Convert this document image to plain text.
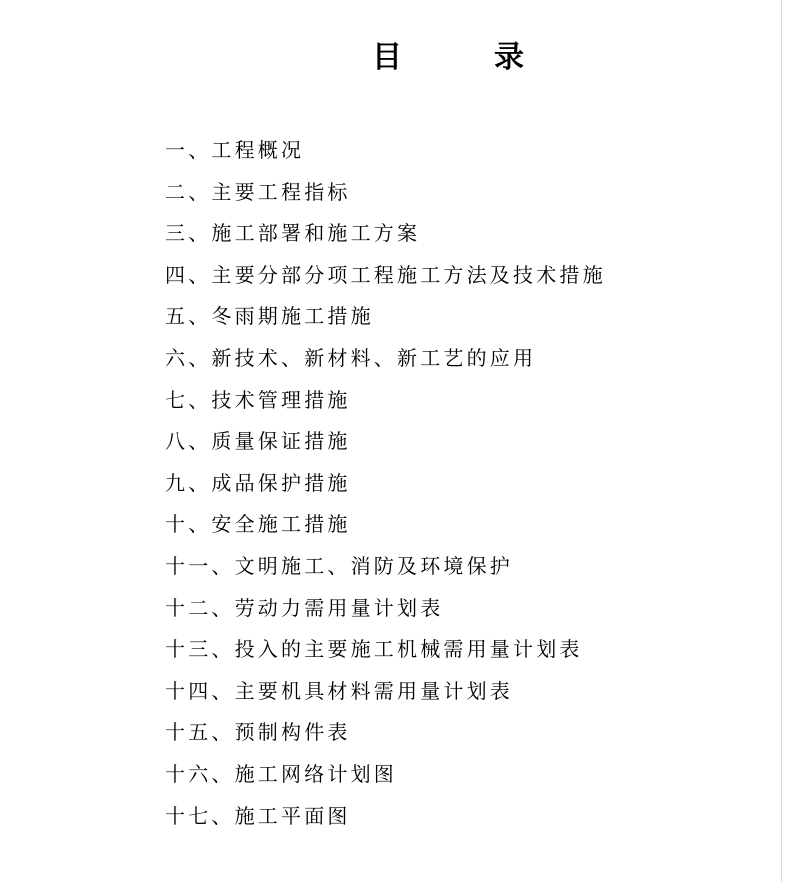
目	录
一、工程概况
二、主要工程指标
三、施工部署和施工方案
四、主要分部分项工程施工方法及技术措施
五、冬雨期施工措施
六、新技术、新材料、新工艺的应用
七、技术管理措施
八、质量保证措施
九、成品保护措施
十、安全施工措施
十一、文明施工、消防及环境保护
十二、劳动力需用量计划表
十三、投入的主要施工机械需用量计划表
十四、主要机具材料需用量计划表
十五、预制构件表
十六、施工网络计划图
十七、施工平面图
